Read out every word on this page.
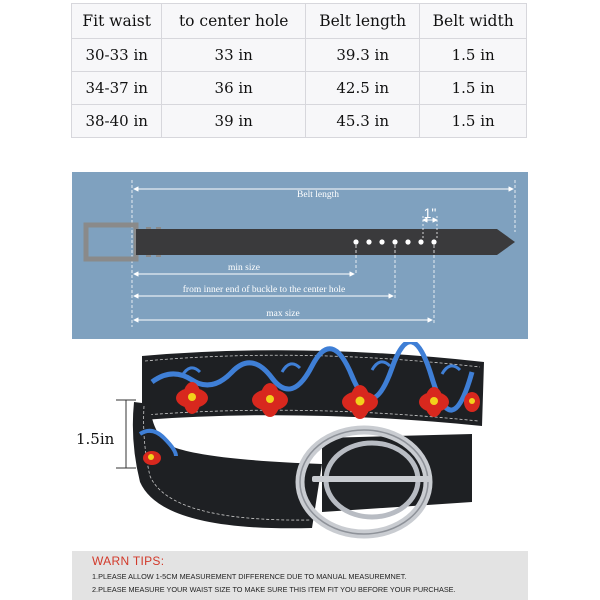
Fit waist	to center hole	Belt length	Belt width
30-33 in	33 in	39.3 in	1.5 in
34-37 in	36 in	42.5 in	1.5 in
38-40 in	39 in	45.3 in	1.5 in
Belt length
1"
min size
from inner end of buckle to the center hole
max size
1.5in
WARN TIPS:
1.PLEASE ALLOW 1-5CM MEASUREMENT DIFFERENCE DUE TO MANUAL MEASUREMNET.
2.PLEASE MEASURE YOUR WAIST SIZE TO MAKE SURE THIS ITEM FIT YOU BEFORE YOUR PURCHASE.
